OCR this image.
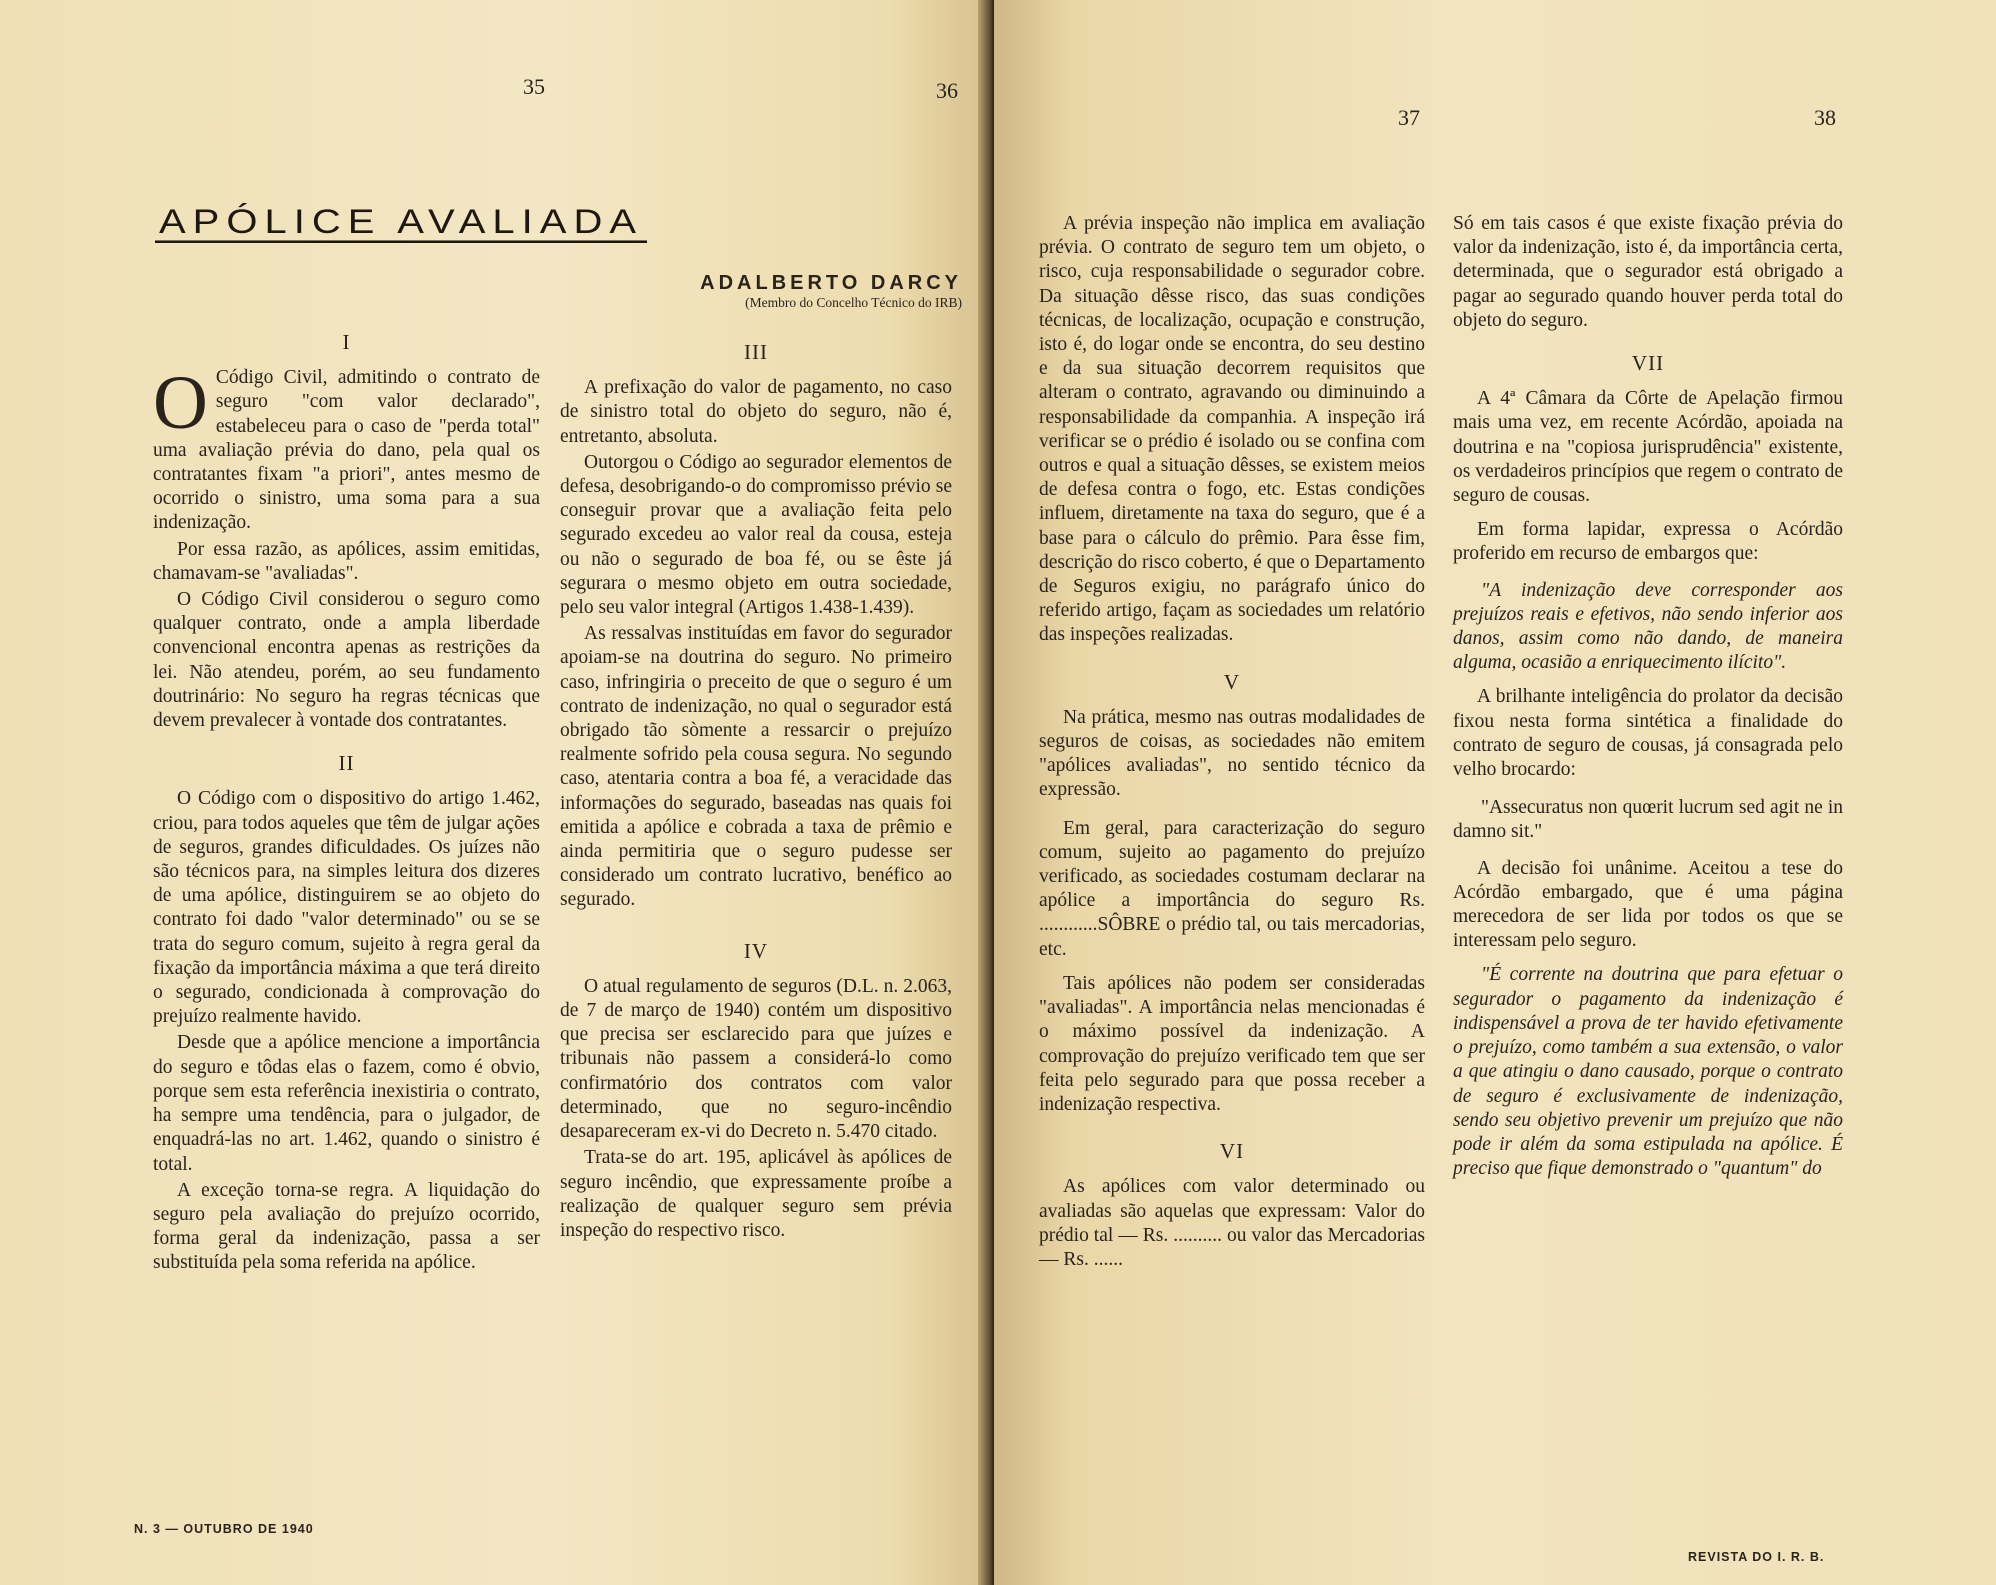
35	36
APÓLICE AVALIADA
ADALBERTO DARCY
(Membro do Concelho Técnico do IRB)
I

O Código Civil, admitindo o contrato de seguro "com valor declarado", estabeleceu para o caso de "perda total" uma avaliação prévia do dano, pela qual os contratantes fixam "a priori", antes mesmo de ocorrido o sinistro, uma soma para a sua indenização.

Por essa razão, as apólices, assim emitidas, chamavam-se "avaliadas".

O Código Civil considerou o seguro como qualquer contrato, onde a ampla liberdade convencional encontra apenas as restrições da lei. Não atendeu, porém, ao seu fundamento doutrinário: No seguro ha regras técnicas que devem prevalecer à vontade dos contratantes.

II

O Código com o dispositivo do artigo 1.462, criou, para todos aqueles que têm de julgar ações de seguros, grandes dificuldades. Os juízes não são técnicos para, na simples leitura dos dizeres de uma apólice, distinguirem se ao objeto do contrato foi dado "valor determinado" ou se se trata do seguro comum, sujeito à regra geral da fixação da importância máxima a que terá direito o segurado, condicionada à comprovação do prejuízo realmente havido.

Desde que a apólice mencione a importância do seguro e tôdas elas o fazem, como é obvio, porque sem esta referência inexistiria o contrato, ha sempre uma tendência, para o julgador, de enquadrá-las no art. 1.462, quando o sinistro é total.

A exceção torna-se regra. A liquidação do seguro pela avaliação do prejuízo ocorrido, forma geral da indenização, passa a ser substituída pela soma referida na apólice.

III

A prefixação do valor de pagamento, no caso de sinistro total do objeto do seguro, não é, entretanto, absoluta.

Outorgou o Código ao segurador elementos de defesa, desobrigando-o do compromisso prévio se conseguir provar que a avaliação feita pelo segurado excedeu ao valor real da cousa, esteja ou não o segurado de boa fé, ou se êste já segurara o mesmo objeto em outra sociedade, pelo seu valor integral (Artigos 1.438-1.439).

As ressalvas instituídas em favor do segurador apoiam-se na doutrina do seguro. No primeiro caso, infringiria o preceito de que o seguro é um contrato de indenização, no qual o segurador está obrigado tão sòmente a ressarcir o prejuízo realmente sofrido pela cousa segura. No segundo caso, atentaria contra a boa fé, a veracidade das informações do segurado, baseadas nas quais foi emitida a apólice e cobrada a taxa de prêmio e ainda permitiria que o seguro pudesse ser considerado um contrato lucrativo, benéfico ao segurado.

IV

O atual regulamento de seguros (D.L. n. 2.063, de 7 de março de 1940) contém um dispositivo que precisa ser esclarecido para que juízes e tribunais não passem a considerá-lo como confirmatório dos contratos com valor determinado, que no seguro-incêndio desapareceram ex-vi do Decreto n. 5.470 citado.

Trata-se do art. 195, aplicável às apólices de seguro incêndio, que expressamente proíbe a realização de qualquer seguro sem prévia inspeção do respectivo risco.

N. 3 — OUTUBRO DE 1940
37	38

A prévia inspeção não implica em avaliação prévia. O contrato de seguro tem um objeto, o risco, cuja responsabilidade o segurador cobre. Da situação dêsse risco, das suas condições técnicas, de localização, ocupação e construção, isto é, do logar onde se encontra, do seu destino e da sua situação decorrem requisitos que alteram o contrato, agravando ou diminuindo a responsabilidade da companhia. A inspeção irá verificar se o prédio é isolado ou se confina com outros e qual a situação dêsses, se existem meios de defesa contra o fogo, etc. Estas condições influem, diretamente na taxa do seguro, que é a base para o cálculo do prêmio. Para êsse fim, descrição do risco coberto, é que o Departamento de Seguros exigiu, no parágrafo único do referido artigo, façam as sociedades um relatório das inspeções realizadas.

V

Na prática, mesmo nas outras modalidades de seguros de coisas, as sociedades não emitem "apólices avaliadas", no sentido técnico da expressão.

Em geral, para caracterização do seguro comum, sujeito ao pagamento do prejuízo verificado, as sociedades costumam declarar na apólice a importância do seguro Rs. ............SÔBRE o prédio tal, ou tais mercadorias, etc.

Tais apólices não podem ser consideradas "avaliadas". A importância nelas mencionadas é o máximo possível da indenização. A comprovação do prejuízo verificado tem que ser feita pelo segurado para que possa receber a indenização respectiva.

VI

As apólices com valor determinado ou avaliadas são aquelas que expressam: Valor do prédio tal — Rs. .......... ou valor das Mercadorias — Rs. ......

Só em tais casos é que existe fixação prévia do valor da indenização, isto é, da importância certa, determinada, que o segurador está obrigado a pagar ao segurado quando houver perda total do objeto do seguro.

VII

A 4ª Câmara da Côrte de Apelação firmou mais uma vez, em recente Acórdão, apoiada na doutrina e na "copiosa jurisprudência" existente, os verdadeiros princípios que regem o contrato de seguro de cousas.

Em forma lapidar, expressa o Acórdão proferido em recurso de embargos que:

"A indenização deve corresponder aos prejuízos reais e efetivos, não sendo inferior aos danos, assim como não dando, de maneira alguma, ocasião a enriquecimento ilícito".

A brilhante inteligência do prolator da decisão fixou nesta forma sintética a finalidade do contrato de seguro de cousas, já consagrada pelo velho brocardo:

"Assecuratus non quœrit lucrum sed agit ne in damno sit."

A decisão foi unânime. Aceitou a tese do Acórdão embargado, que é uma página merecedora de ser lida por todos os que se interessam pelo seguro.

"É corrente na doutrina que para efetuar o segurador o pagamento da indenização é indispensável a prova de ter havido efetivamente o prejuízo, como também a sua extensão, o valor a que atingiu o dano causado, porque o contrato de seguro é exclusivamente de indenização, sendo seu objetivo prevenir um prejuízo que não pode ir além da soma estipulada na apólice. É preciso que fique demonstrado o "quantum" do

REVISTA DO I. R. B.
